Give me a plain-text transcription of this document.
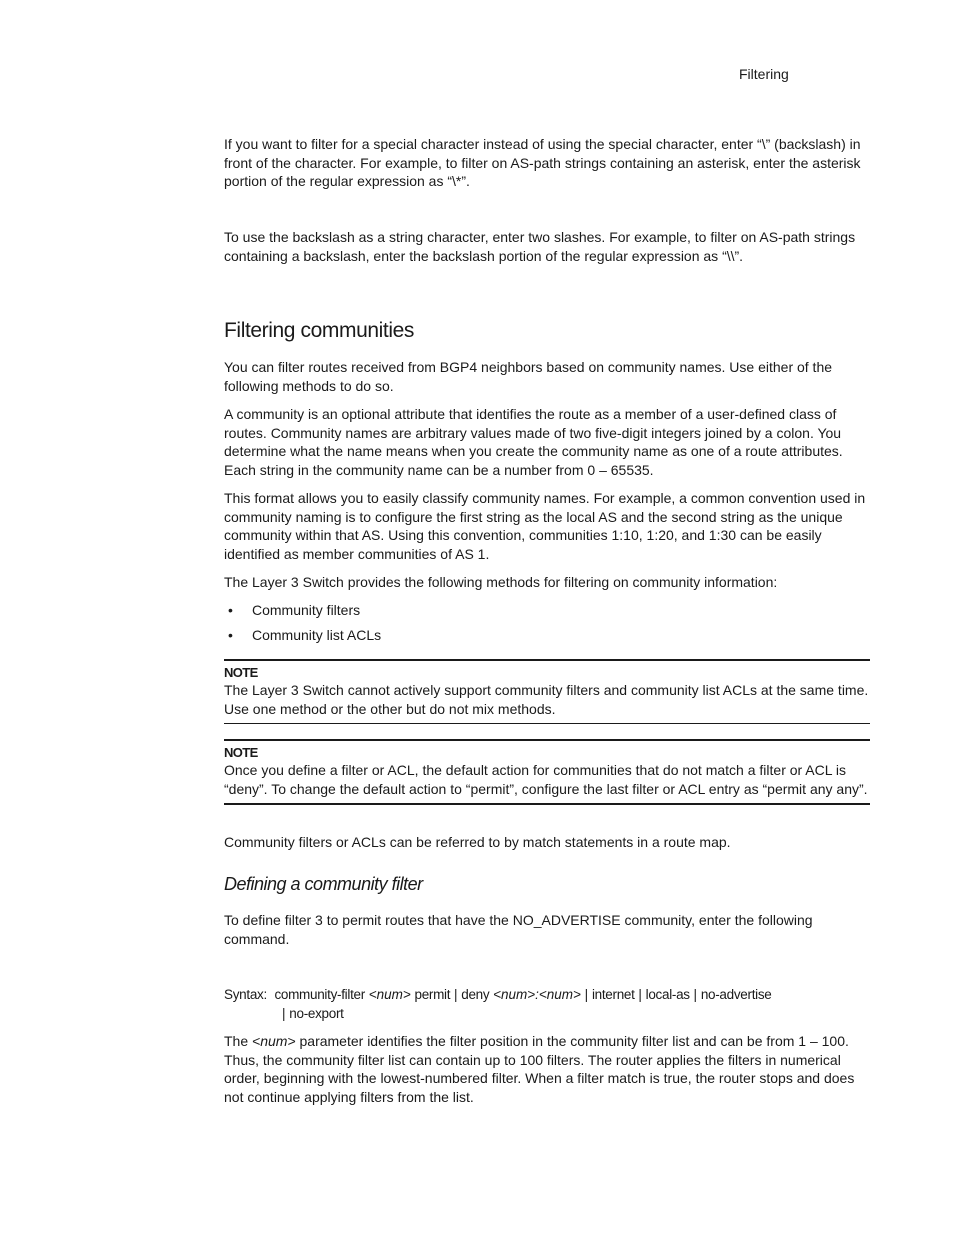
Filtering

If you want to filter for a special character instead of using the special character, enter “\” (backslash) in front of the character. For example, to filter on AS-path strings containing an asterisk, enter the asterisk portion of the regular expression as “\*”.

To use the backslash as a string character, enter two slashes. For example, to filter on AS-path strings containing a backslash, enter the backslash portion of the regular expression as “\\”.

Filtering communities

You can filter routes received from BGP4 neighbors based on community names. Use either of the following methods to do so.

A community is an optional attribute that identifies the route as a member of a user-defined class of routes. Community names are arbitrary values made of two five-digit integers joined by a colon. You determine what the name means when you create the community name as one of a route attributes. Each string in the community name can be a number from 0 – 65535.

This format allows you to easily classify community names. For example, a common convention used in community naming is to configure the first string as the local AS and the second string as the unique community within that AS. Using this convention, communities 1:10, 1:20, and 1:30 can be easily identified as member communities of AS 1.

The Layer 3 Switch provides the following methods for filtering on community information:

• Community filters
• Community list ACLs
NOTE

The Layer 3 Switch cannot actively support community filters and community list ACLs at the same time. Use one method or the other but do not mix methods.

NOTE

Once you define a filter or ACL, the default action for communities that do not match a filter or ACL is “deny”. To change the default action to “permit”, configure the last filter or ACL entry as “permit any any”.

Community filters or ACLs can be referred to by match statements in a route map.

Defining a community filter

To define filter 3 to permit routes that have the NO_ADVERTISE community, enter the following command.

Syntax: community-filter <num> permit | deny <num>:<num> | internet | local-as | no-advertise
| no-export

The <num> parameter identifies the filter position in the community filter list and can be from 1 – 100. Thus, the community filter list can contain up to 100 filters. The router applies the filters in numerical order, beginning with the lowest-numbered filter. When a filter match is true, the router stops and does not continue applying filters from the list.
